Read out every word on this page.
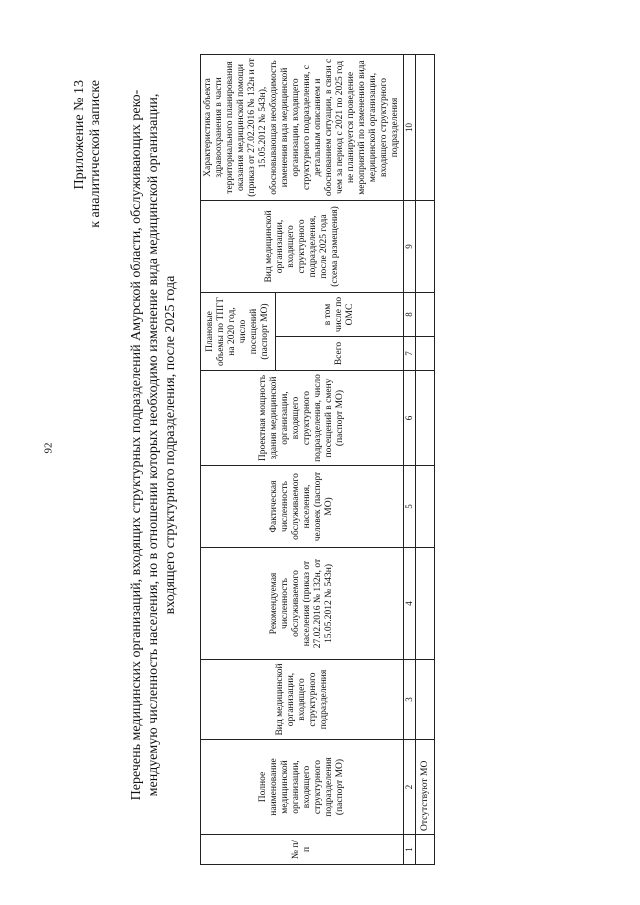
92
Приложение № 13 к аналитической записке Перечень медицинских организаций, входящих структурных подразделений Амурской области, обслуживающих реко- мендуемую численность населения, но в отношении которых необходимо изменение вида медицинской организации, входящего структурного подразделения, после 2025 года
№ п/п	Полное наименование медицинской организации, входящего структурного подразделения (паспорт МО)	Вид медицинской организации, входящего структурного подразделения	Рекомендуемая численность обслуживаемого населения (приказ от 27.02.2016 № 132н, от 15.05.2012 № 543н)	Фактическая численность обслуживаемого населения, человек (паспорт МО)	Проектная мощность здания медицинской организации, входящего структурного подразделения, число посещений в смену (паспорт МО)	Плановые объемы по ТПГГ на 2020 год, число посещений (паспорт МО)		Вид медицинской организации, входящего структурного подразделения, после 2025 года (схема размещения)	Характеристика объекта здравоохранения в части территориального планирования оказания медицинской помощи (приказ от 27.02.2016 № 132н и от 15.05.2012 № 543н), обосновывающая необходимость изменения вида медицинской организации, входящего структурного подразделения, с детальным описанием и обоснованием ситуации, в связи с чем за период с 2021 по 2025 год не планируется проведение мероприятий по изменению вида медицинской организации, входящего структурного подразделения
						Всего	в том числе по ОМС		
1	2	3	4	5	6	7	8	9	10
	Отсутствуют МО								
